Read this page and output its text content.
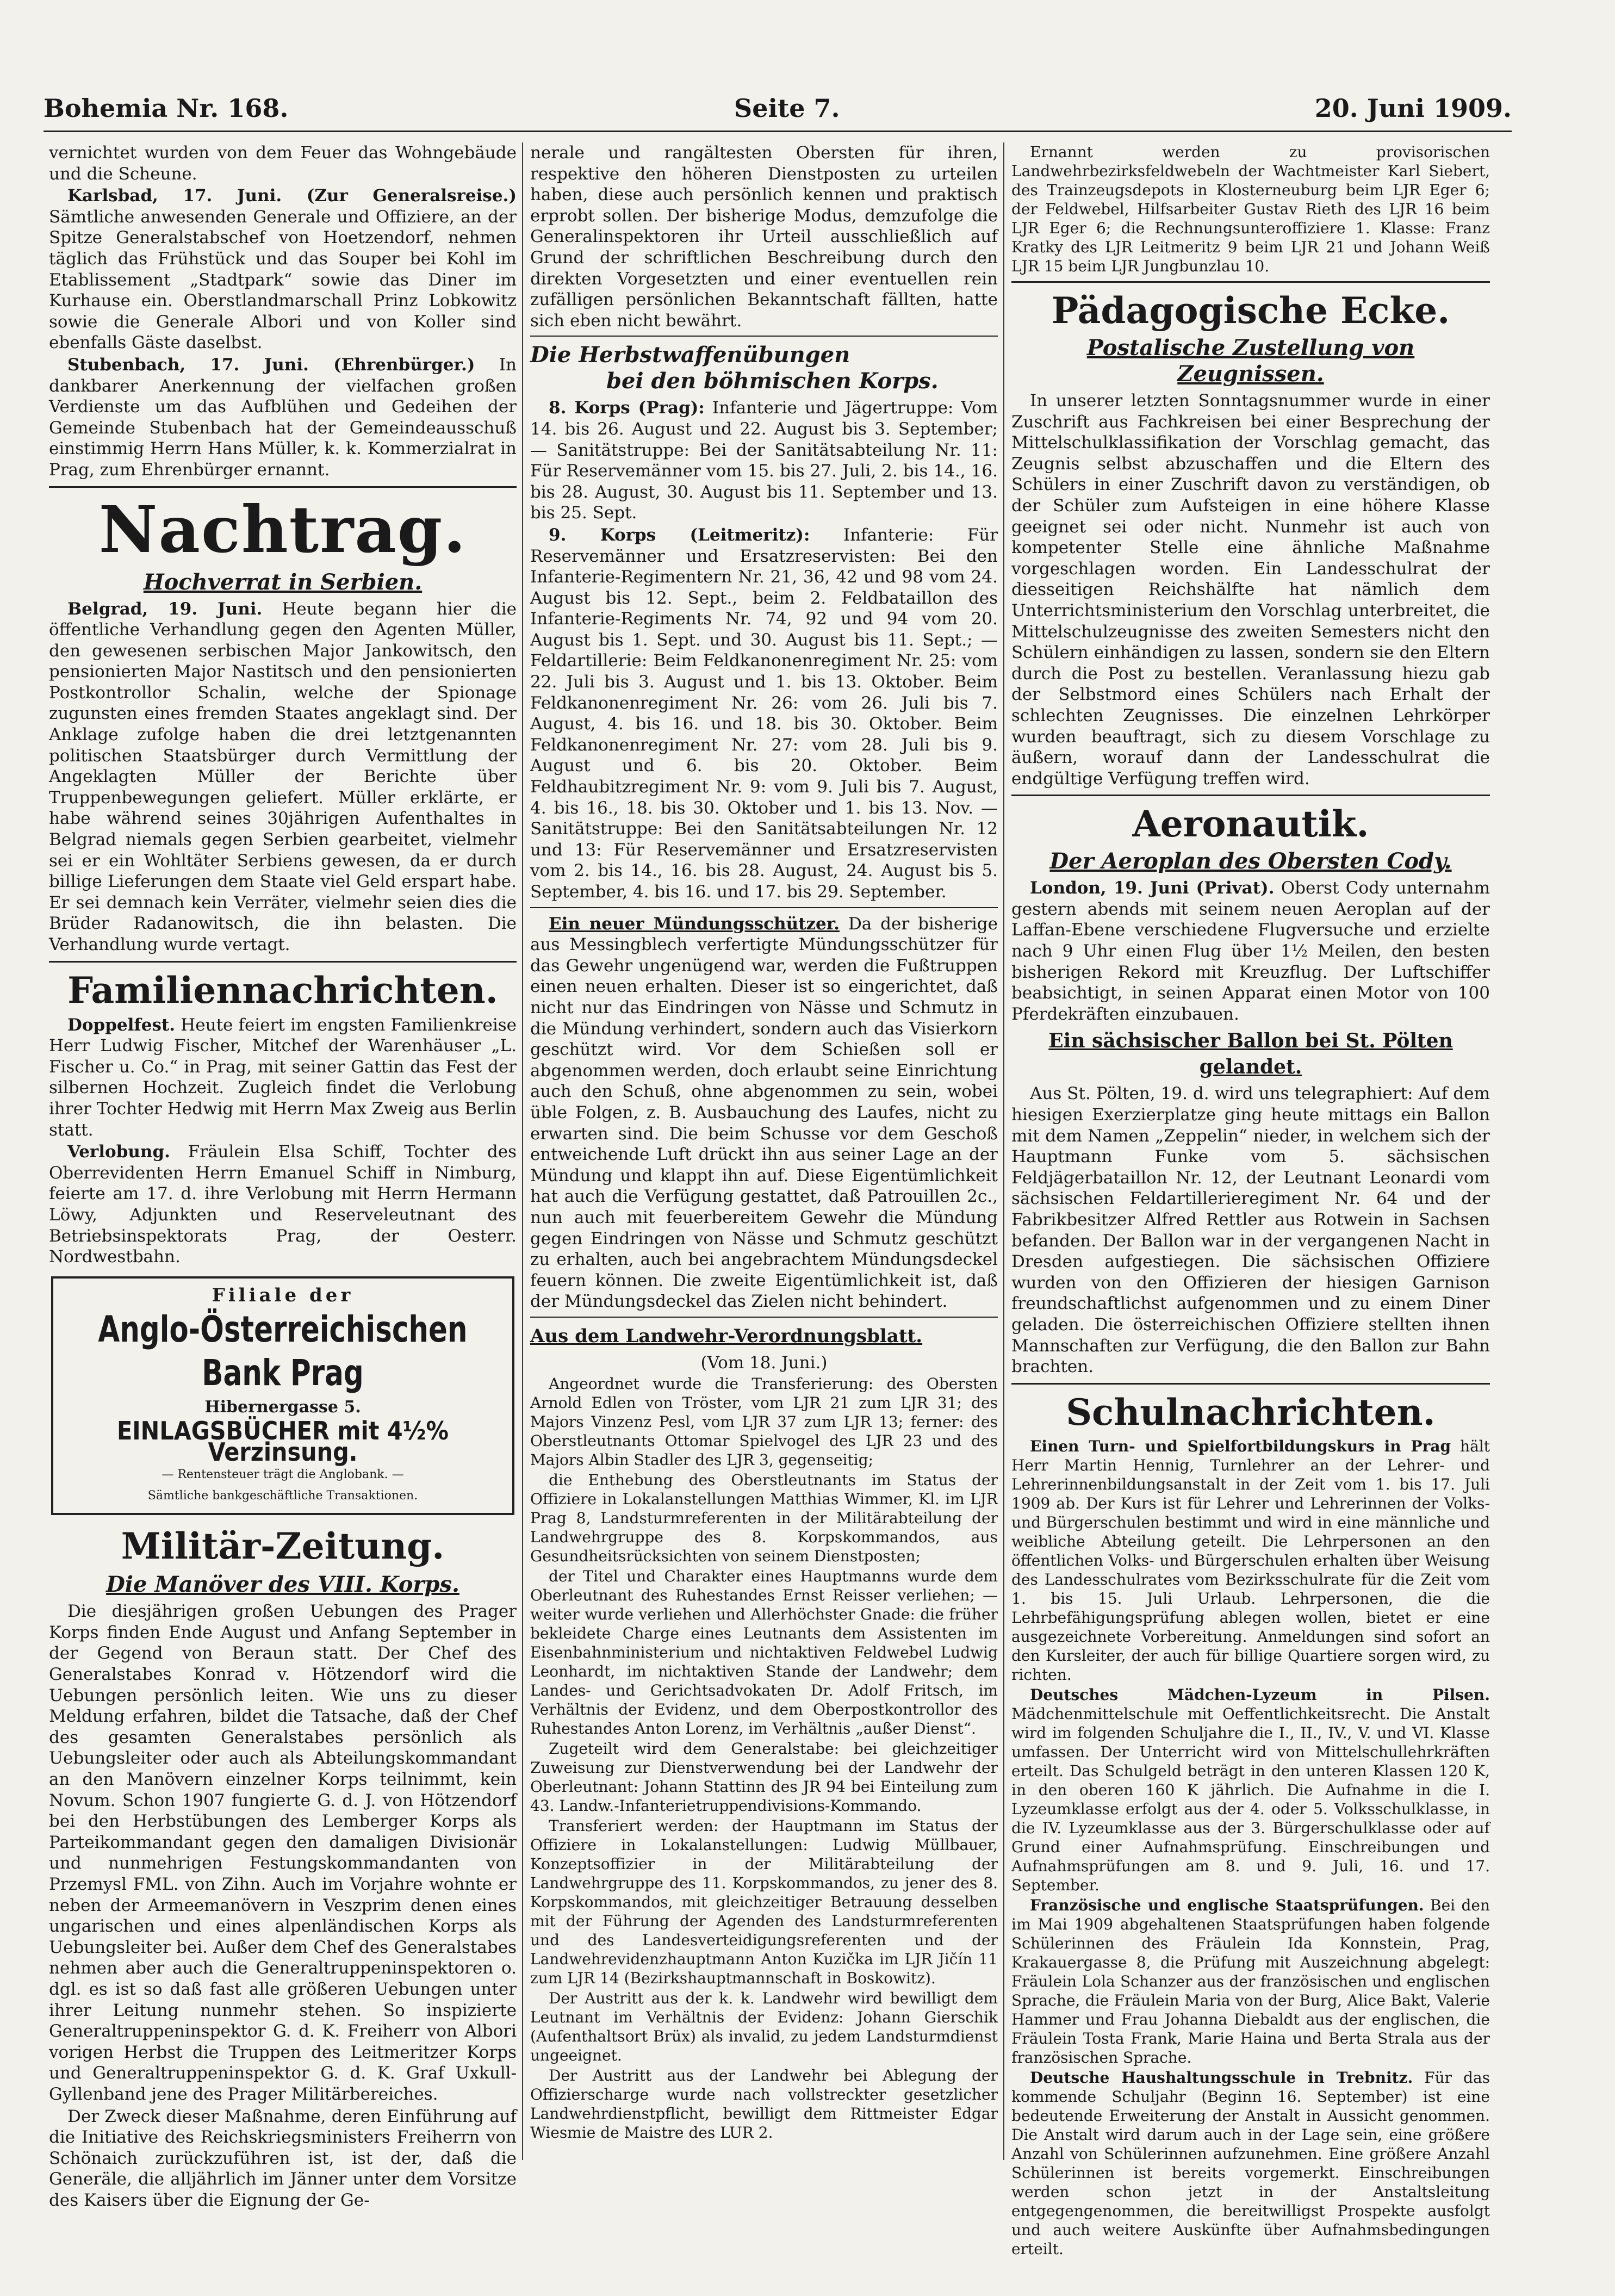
Bohemia Nr. 168.	Seite 7.	20. Juni 1909.

vernichtet wurden von dem Feuer das Wohngebäude und die Scheune.

Karlsbad, 17. Juni. (Zur Generalsreise.) Sämtliche anwesenden Generale und Offiziere, an der Spitze Generalstabschef von Hoetzendorf, nehmen täglich das Frühstück und das Souper bei Kohl im Etablissement „Stadtpark“ sowie das Diner im Kurhause ein. Oberstlandmarschall Prinz Lobkowitz sowie die Generale Albori und von Koller sind ebenfalls Gäste daselbst.

Stubenbach, 17. Juni. (Ehrenbürger.) In dankbarer Anerkennung der vielfachen großen Verdienste um das Aufblühen und Gedeihen der Gemeinde Stubenbach hat der Gemeindeausschuß einstimmig Herrn Hans Müller, k. k. Kommerzialrat in Prag, zum Ehrenbürger ernannt.

Nachtrag.
Hochverrat in Serbien.

Belgrad, 19. Juni. Heute begann hier die öffentliche Verhandlung gegen den Agenten Müller, den gewesenen serbischen Major Jankowitsch, den pensionierten Major Nastitsch und den pensionierten Postkontrollor Schalin, welche der Spionage zugunsten eines fremden Staates angeklagt sind. Der Anklage zufolge haben die drei letztgenannten politischen Staatsbürger durch Vermittlung der Angeklagten Müller der Berichte über Truppenbewegungen geliefert. Müller erklärte, er habe während seines 30jährigen Aufenthaltes in Belgrad niemals gegen Serbien gearbeitet, vielmehr sei er ein Wohltäter Serbiens gewesen, da er durch billige Lieferungen dem Staate viel Geld erspart habe. Er sei demnach kein Verräter, vielmehr seien dies die Brüder Radanowitsch, die ihn belasten. Die Verhandlung wurde vertagt.

Familiennachrichten.

Doppelfest. Heute feiert im engsten Familienkreise Herr Ludwig Fischer, Mitchef der Warenhäuser „L. Fischer u. Co.“ in Prag, mit seiner Gattin das Fest der silbernen Hochzeit. Zugleich findet die Verlobung ihrer Tochter Hedwig mit Herrn Max Zweig aus Berlin statt.

Verlobung. Fräulein Elsa Schiff, Tochter des Oberrevidenten Herrn Emanuel Schiff in Nimburg, feierte am 17. d. ihre Verlobung mit Herrn Hermann Löwy, Adjunkten und Reserveleutnant des Betriebsinspektorats Prag, der Oesterr. Nordwestbahn.

Filiale der
Anglo-Österreichischen Bank Prag
Hibernergasse 5.
EINLAGSBÜCHER mit 4½% Verzinsung.
— Rentensteuer trägt die Anglobank. —
Sämtliche bankgeschäftliche Transaktionen.
Militär-Zeitung.
Die Manöver des VIII. Korps.

Die diesjährigen großen Uebungen des Prager Korps finden Ende August und Anfang September in der Gegend von Beraun statt. Der Chef des Generalstabes Konrad v. Hötzendorf wird die Uebungen persönlich leiten. Wie uns zu dieser Meldung erfahren, bildet die Tatsache, daß der Chef des gesamten Generalstabes persönlich als Uebungsleiter oder auch als Abteilungskommandant an den Manövern einzelner Korps teilnimmt, kein Novum. Schon 1907 fungierte G. d. J. von Hötzendorf bei den Herbstübungen des Lemberger Korps als Parteikommandant gegen den damaligen Divisionär und nunmehrigen Festungskommandanten von Przemysl FML. von Zihn. Auch im Vorjahre wohnte er neben der Armeemanövern in Veszprim denen eines ungarischen und eines alpenländischen Korps als Uebungsleiter bei. Außer dem Chef des Generalstabes nehmen aber auch die Generaltruppeninspektoren o. dgl. es ist so daß fast alle größeren Uebungen unter ihrer Leitung nunmehr stehen. So inspizierte Generaltruppeninspektor G. d. K. Freiherr von Albori vorigen Herbst die Truppen des Leitmeritzer Korps und Generaltruppeninspektor G. d. K. Graf Uxkull-Gyllenband jene des Prager Militärbereiches.

Der Zweck dieser Maßnahme, deren Einführung auf die Initiative des Reichskriegsministers Freiherrn von Schönaich zurückzuführen ist, ist der, daß die Generäle, die alljährlich im Jänner unter dem Vorsitze des Kaisers über die Eignung der Ge-

nerale und rangältesten Obersten für ihren, respektive den höheren Dienstposten zu urteilen haben, diese auch persönlich kennen und praktisch erprobt sollen. Der bisherige Modus, demzufolge die Generalinspektoren ihr Urteil ausschließlich auf Grund der schriftlichen Beschreibung durch den direkten Vorgesetzten und einer eventuellen rein zufälligen persönlichen Bekanntschaft fällten, hatte sich eben nicht bewährt.

Die Herbstwaffenübungen
bei den böhmischen Korps.

8. Korps (Prag): Infanterie und Jägertruppe: Vom 14. bis 26. August und 22. August bis 3. September; — Sanitätstruppe: Bei der Sanitätsabteilung Nr. 11: Für Reservemänner vom 15. bis 27. Juli, 2. bis 14., 16. bis 28. August, 30. August bis 11. September und 13. bis 25. Sept.

9. Korps (Leitmeritz): Infanterie: Für Reservemänner und Ersatzreservisten: Bei den Infanterie-Regimentern Nr. 21, 36, 42 und 98 vom 24. August bis 12. Sept., beim 2. Feldbataillon des Infanterie-Regiments Nr. 74, 92 und 94 vom 20. August bis 1. Sept. und 30. August bis 11. Sept.; — Feldartillerie: Beim Feldkanonenregiment Nr. 25: vom 22. Juli bis 3. August und 1. bis 13. Oktober. Beim Feldkanonenregiment Nr. 26: vom 26. Juli bis 7. August, 4. bis 16. und 18. bis 30. Oktober. Beim Feldkanonenregiment Nr. 27: vom 28. Juli bis 9. August und 6. bis 20. Oktober. Beim Feldhaubitzregiment Nr. 9: vom 9. Juli bis 7. August, 4. bis 16., 18. bis 30. Oktober und 1. bis 13. Nov. — Sanitätstruppe: Bei den Sanitätsabteilungen Nr. 12 und 13: Für Reservemänner und Ersatzreservisten vom 2. bis 14., 16. bis 28. August, 24. August bis 5. September, 4. bis 16. und 17. bis 29. September.

Ein neuer Mündungsschützer. Da der bisherige aus Messingblech verfertigte Mündungsschützer für das Gewehr ungenügend war, werden die Fußtruppen einen neuen erhalten. Dieser ist so eingerichtet, daß nicht nur das Eindringen von Nässe und Schmutz in die Mündung verhindert, sondern auch das Visierkorn geschützt wird. Vor dem Schießen soll er abgenommen werden, doch erlaubt seine Einrichtung auch den Schuß, ohne abgenommen zu sein, wobei üble Folgen, z. B. Ausbauchung des Laufes, nicht zu erwarten sind. Die beim Schusse vor dem Geschoß entweichende Luft drückt ihn aus seiner Lage an der Mündung und klappt ihn auf. Diese Eigentümlichkeit hat auch die Verfügung gestattet, daß Patrouillen 2c., nun auch mit feuerbereitem Gewehr die Mündung gegen Eindringen von Nässe und Schmutz geschützt zu erhalten, auch bei angebrachtem Mündungsdeckel feuern können. Die zweite Eigentümlichkeit ist, daß der Mündungsdeckel das Zielen nicht behindert.

Aus dem Landwehr-Verordnungsblatt.

(Vom 18. Juni.)

Angeordnet wurde die Transferierung: des Obersten Arnold Edlen von Tröster, vom LJR 21 zum LJR 31; des Majors Vinzenz Pesl, vom LJR 37 zum LJR 13; ferner: des Oberstleutnants Ottomar Spielvogel des LJR 23 und des Majors Albin Stadler des LJR 3, gegenseitig;

die Enthebung des Oberstleutnants im Status der Offiziere in Lokalanstellungen Matthias Wimmer, Kl. im LJR Prag 8, Landsturmreferenten in der Militärabteilung der Landwehrgruppe des 8. Korpskommandos, aus Gesundheitsrücksichten von seinem Dienstposten;

der Titel und Charakter eines Hauptmanns wurde dem Oberleutnant des Ruhestandes Ernst Reisser verliehen; — weiter wurde verliehen und Allerhöchster Gnade: die früher bekleidete Charge eines Leutnants dem Assistenten im Eisenbahnministerium und nichtaktiven Feldwebel Ludwig Leonhardt, im nichtaktiven Stande der Landwehr; dem Landes- und Gerichtsadvokaten Dr. Adolf Fritsch, im Verhältnis der Evidenz, und dem Oberpostkontrollor des Ruhestandes Anton Lorenz, im Verhältnis „außer Dienst“.

Zugeteilt wird dem Generalstabe: bei gleichzeitiger Zuweisung zur Dienstverwendung bei der Landwehr der Oberleutnant: Johann Stattinn des JR 94 bei Einteilung zum 43. Landw.-Infanterietruppendivisions-Kommando.

Transferiert werden: der Hauptmann im Status der Offiziere in Lokalanstellungen: Ludwig Müllbauer, Konzeptsoffizier in der Militärabteilung der Landwehrgruppe des 11. Korpskommandos, zu jener des 8. Korpskommandos, mit gleichzeitiger Betrauung desselben mit der Führung der Agenden des Landsturmreferenten und des Landesverteidigungsreferenten und der Landwehrevidenzhauptmann Anton Kuzička im LJR Jičín 11 zum LJR 14 (Bezirkshauptmannschaft in Boskowitz).

Der Austritt aus der k. k. Landwehr wird bewilligt dem Leutnant im Verhältnis der Evidenz: Johann Gierschik (Aufenthaltsort Brüx) als invalid, zu jedem Landsturmdienst ungeeignet.

Der Austritt aus der Landwehr bei Ablegung der Offizierscharge wurde nach vollstreckter gesetzlicher Landwehrdienstpflicht, bewilligt dem Rittmeister Edgar Wiesmie de Maistre des LUR 2.

Ernannt werden zu provisorischen Landwehrbezirksfeldwebeln der Wachtmeister Karl Siebert, des Trainzeugsdepots in Klosterneuburg beim LJR Eger 6; der Feldwebel, Hilfsarbeiter Gustav Rieth des LJR 16 beim LJR Eger 6; die Rechnungsunteroffiziere 1. Klasse: Franz Kratky des LJR Leitmeritz 9 beim LJR 21 und Johann Weiß LJR 15 beim LJR Jungbunzlau 10.

Pädagogische Ecke.
Postalische Zustellung von Zeugnissen.

In unserer letzten Sonntagsnummer wurde in einer Zuschrift aus Fachkreisen bei einer Besprechung der Mittelschulklassifikation der Vorschlag gemacht, das Zeugnis selbst abzuschaffen und die Eltern des Schülers in einer Zuschrift davon zu verständigen, ob der Schüler zum Aufsteigen in eine höhere Klasse geeignet sei oder nicht. Nunmehr ist auch von kompetenter Stelle eine ähnliche Maßnahme vorgeschlagen worden. Ein Landesschulrat der diesseitigen Reichshälfte hat nämlich dem Unterrichtsministerium den Vorschlag unterbreitet, die Mittelschulzeugnisse des zweiten Semesters nicht den Schülern einhändigen zu lassen, sondern sie den Eltern durch die Post zu bestellen. Veranlassung hiezu gab der Selbstmord eines Schülers nach Erhalt der schlechten Zeugnisses. Die einzelnen Lehrkörper wurden beauftragt, sich zu diesem Vorschlage zu äußern, worauf dann der Landesschulrat die endgültige Verfügung treffen wird.

Aeronautik.
Der Aeroplan des Obersten Cody.

London, 19. Juni (Privat). Oberst Cody unternahm gestern abends mit seinem neuen Aeroplan auf der Laffan-Ebene verschiedene Flugversuche und erzielte nach 9 Uhr einen Flug über 1½ Meilen, den besten bisherigen Rekord mit Kreuzflug. Der Luftschiffer beabsichtigt, in seinen Apparat einen Motor von 100 Pferdekräften einzubauen.

Ein sächsischer Ballon bei St. Pölten gelandet.

Aus St. Pölten, 19. d. wird uns telegraphiert: Auf dem hiesigen Exerzierplatze ging heute mittags ein Ballon mit dem Namen „Zeppelin“ nieder, in welchem sich der Hauptmann Funke vom 5. sächsischen Feldjägerbataillon Nr. 12, der Leutnant Leonardi vom sächsischen Feldartillerieregiment Nr. 64 und der Fabrikbesitzer Alfred Rettler aus Rotwein in Sachsen befanden. Der Ballon war in der vergangenen Nacht in Dresden aufgestiegen. Die sächsischen Offiziere wurden von den Offizieren der hiesigen Garnison freundschaftlichst aufgenommen und zu einem Diner geladen. Die österreichischen Offiziere stellten ihnen Mannschaften zur Verfügung, die den Ballon zur Bahn brachten.

Schulnachrichten.

Einen Turn- und Spielfortbildungskurs in Prag hält Herr Martin Hennig, Turnlehrer an der Lehrer- und Lehrerinnenbildungsanstalt in der Zeit vom 1. bis 17. Juli 1909 ab. Der Kurs ist für Lehrer und Lehrerinnen der Volks- und Bürgerschulen bestimmt und wird in eine männliche und weibliche Abteilung geteilt. Die Lehrpersonen an den öffentlichen Volks- und Bürgerschulen erhalten über Weisung des Landesschulrates vom Bezirksschulrate für die Zeit vom 1. bis 15. Juli Urlaub. Lehrpersonen, die die Lehrbefähigungsprüfung ablegen wollen, bietet er eine ausgezeichnete Vorbereitung. Anmeldungen sind sofort an den Kursleiter, der auch für billige Quartiere sorgen wird, zu richten.

Deutsches Mädchen-Lyzeum in Pilsen. Mädchenmittelschule mit Oeffentlichkeitsrecht. Die Anstalt wird im folgenden Schuljahre die I., II., IV., V. und VI. Klasse umfassen. Der Unterricht wird von Mittelschullehrkräften erteilt. Das Schulgeld beträgt in den unteren Klassen 120 K, in den oberen 160 K jährlich. Die Aufnahme in die I. Lyzeumklasse erfolgt aus der 4. oder 5. Volksschulklasse, in die IV. Lyzeumklasse aus der 3. Bürgerschulklasse oder auf Grund einer Aufnahmsprüfung. Einschreibungen und Aufnahmsprüfungen am 8. und 9. Juli, 16. und 17. September.

Französische und englische Staatsprüfungen. Bei den im Mai 1909 abgehaltenen Staatsprüfungen haben folgende Schülerinnen des Fräulein Ida Konnstein, Prag, Krakauergasse 8, die Prüfung mit Auszeichnung abgelegt: Fräulein Lola Schanzer aus der französischen und englischen Sprache, die Fräulein Maria von der Burg, Alice Bakt, Valerie Hammer und Frau Johanna Diebaldt aus der englischen, die Fräulein Tosta Frank, Marie Haina und Berta Strala aus der französischen Sprache.

Deutsche Haushaltungsschule in Trebnitz. Für das kommende Schuljahr (Beginn 16. September) ist eine bedeutende Erweiterung der Anstalt in Aussicht genommen. Die Anstalt wird darum auch in der Lage sein, eine größere Anzahl von Schülerinnen aufzunehmen. Eine größere Anzahl Schülerinnen ist bereits vorgemerkt. Einschreibungen werden schon jetzt in der Anstaltsleitung entgegengenommen, die bereitwilligst Prospekte ausfolgt und auch weitere Auskünfte über Aufnahmsbedingungen erteilt.
